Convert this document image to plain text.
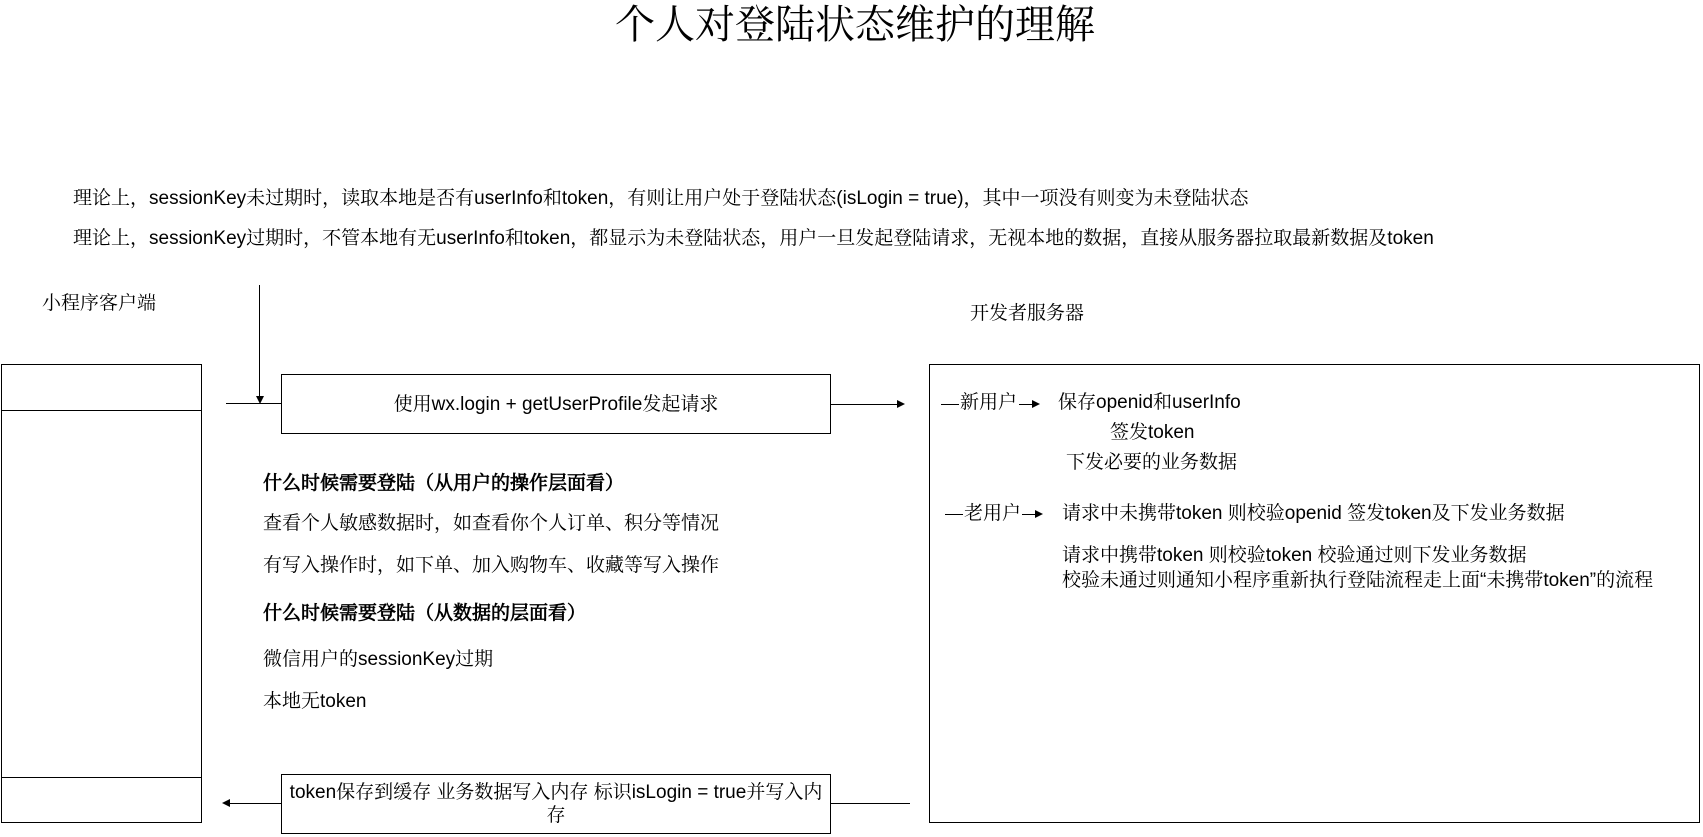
个人对登陆状态维护的理解
理论上，sessionKey未过期时，读取本地是否有userInfo和token，有则让用户处于登陆状态(isLogin = true)，其中一项没有则变为未登陆状态
理论上，sessionKey过期时，不管本地有无userInfo和token，都显示为未登陆状态，用户一旦发起登陆请求，无视本地的数据，直接从服务器拉取最新数据及token
小程序客户端
使用wx.login + getUserProfile发起请求
开发者服务器
新用户 保存openid和userInfo
签发token
下发必要的业务数据
老用户 请求中未携带token 则校验openid 签发token及下发业务数据
请求中携带token 则校验token 校验通过则下发业务数据
校验未通过则通知小程序重新执行登陆流程走上面“未携带token”的流程
什么时候需要登陆（从用户的操作层面看）
查看个人敏感数据时，如查看你个人订单、积分等情况
有写入操作时，如下单、加入购物车、收藏等写入操作
什么时候需要登陆（从数据的层面看）
微信用户的sessionKey过期
本地无token
token保存到缓存 业务数据写入内存 标识isLogin = true并写入内存
